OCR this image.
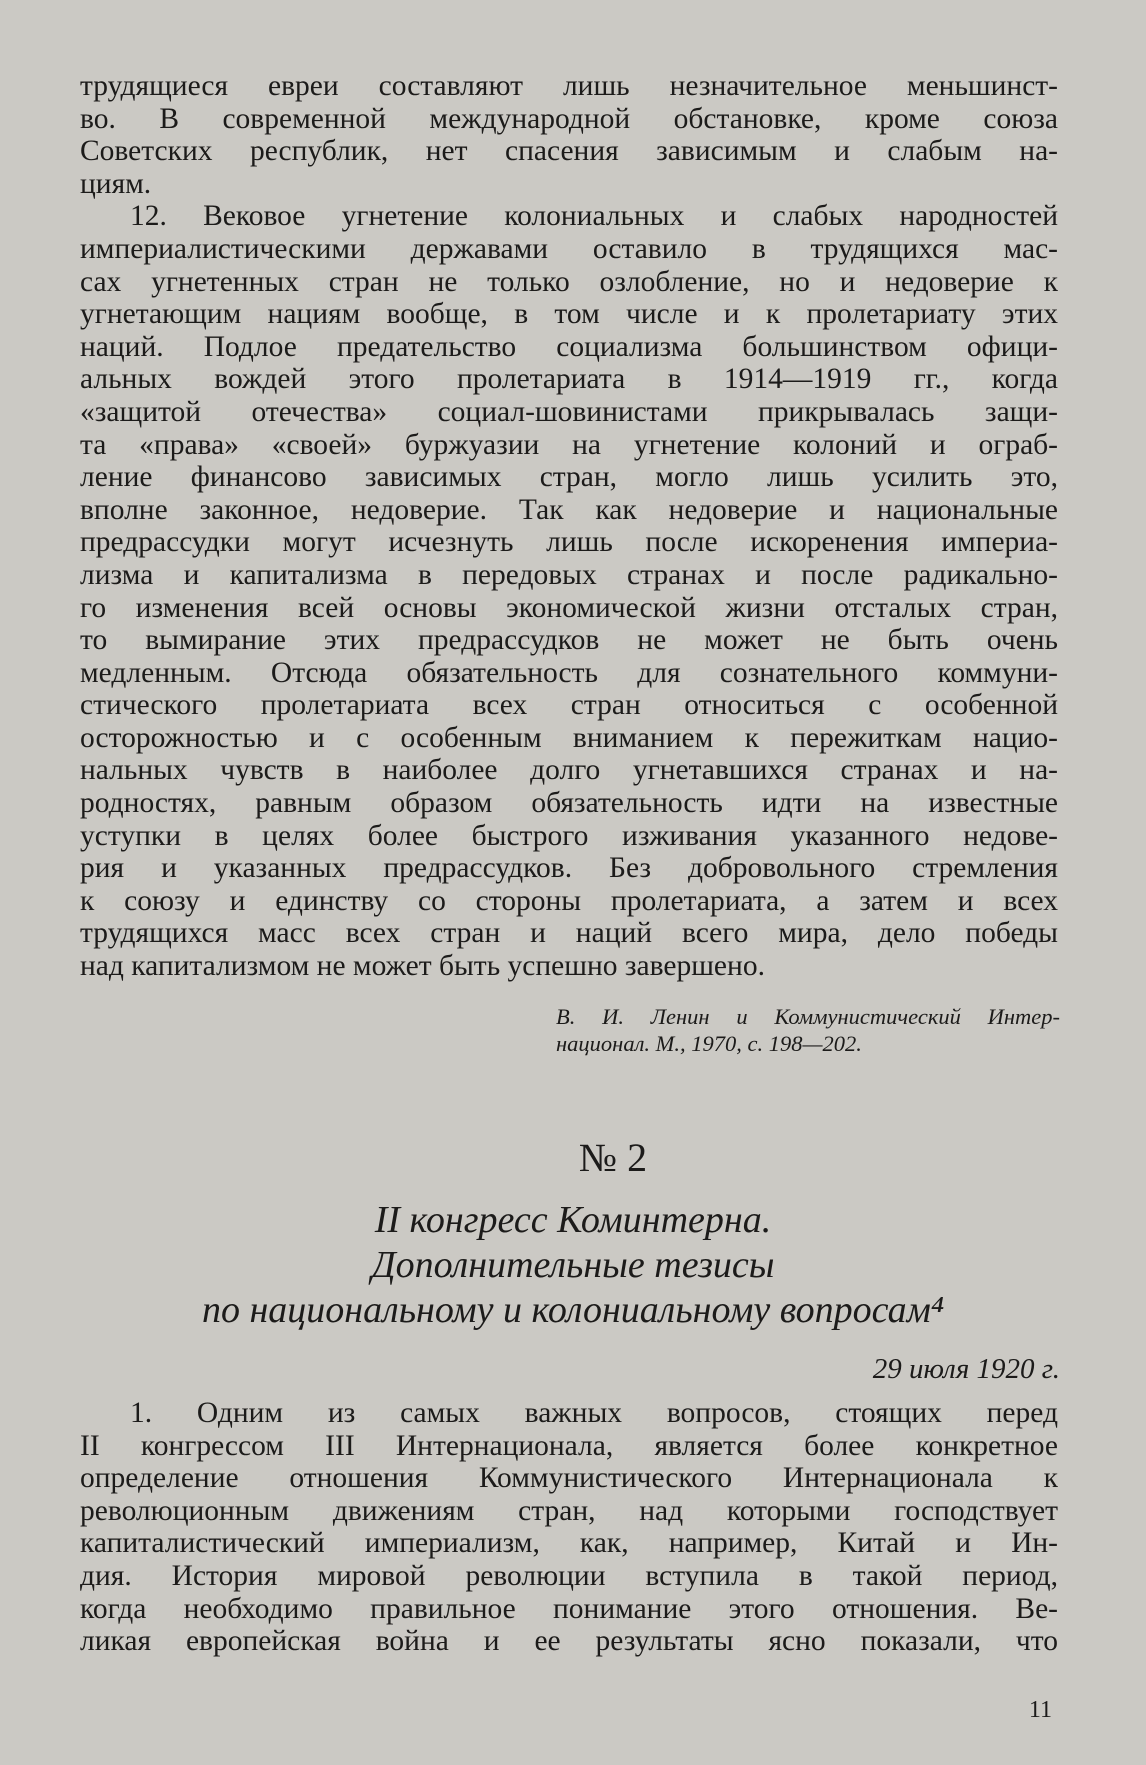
трудящиеся евреи составляют лишь незначительное меньшинст-
во. В современной международной обстановке, кроме союза
Советских республик, нет спасения зависимым и слабым на-
циям.
12. Вековое угнетение колониальных и слабых народностей
империалистическими державами оставило в трудящихся мас-
сах угнетенных стран не только озлобление, но и недоверие к
угнетающим нациям вообще, в том числе и к пролетариату этих
наций. Подлое предательство социализма большинством офици-
альных вождей этого пролетариата в 1914—1919 гг., когда
«защитой отечества» социал-шовинистами прикрывалась защи-
та «права» «своей» буржуазии на угнетение колоний и ограб-
ление финансово зависимых стран, могло лишь усилить это,
вполне законное, недоверие. Так как недоверие и национальные
предрассудки могут исчезнуть лишь после искоренения империа-
лизма и капитализма в передовых странах и после радикально-
го изменения всей основы экономической жизни отсталых стран,
то вымирание этих предрассудков не может не быть очень
медленным. Отсюда обязательность для сознательного коммуни-
стического пролетариата всех стран относиться с особенной
осторожностью и с особенным вниманием к пережиткам нацио-
нальных чувств в наиболее долго угнетавшихся странах и на-
родностях, равным образом обязательность идти на известные
уступки в целях более быстрого изживания указанного недове-
рия и указанных предрассудков. Без добровольного стремления
к союзу и единству со стороны пролетариата, а затем и всех
трудящихся масс всех стран и наций всего мира, дело победы
над капитализмом не может быть успешно завершено.
В. И. Ленин и Коммунистический Интер-
национал. М., 1970, с. 198—202.
№ 2
II конгресс Коминтерна.
Дополнительные тезисы
по национальному и колониальному вопросам⁴
29 июля 1920 г.
1. Одним из самых важных вопросов, стоящих перед
II конгрессом III Интернационала, является более конкретное
определение отношения Коммунистического Интернационала к
революционным движениям стран, над которыми господствует
капиталистический империализм, как, например, Китай и Ин-
дия. История мировой революции вступила в такой период,
когда необходимо правильное понимание этого отношения. Ве-
ликая европейская война и ее результаты ясно показали, что
11
